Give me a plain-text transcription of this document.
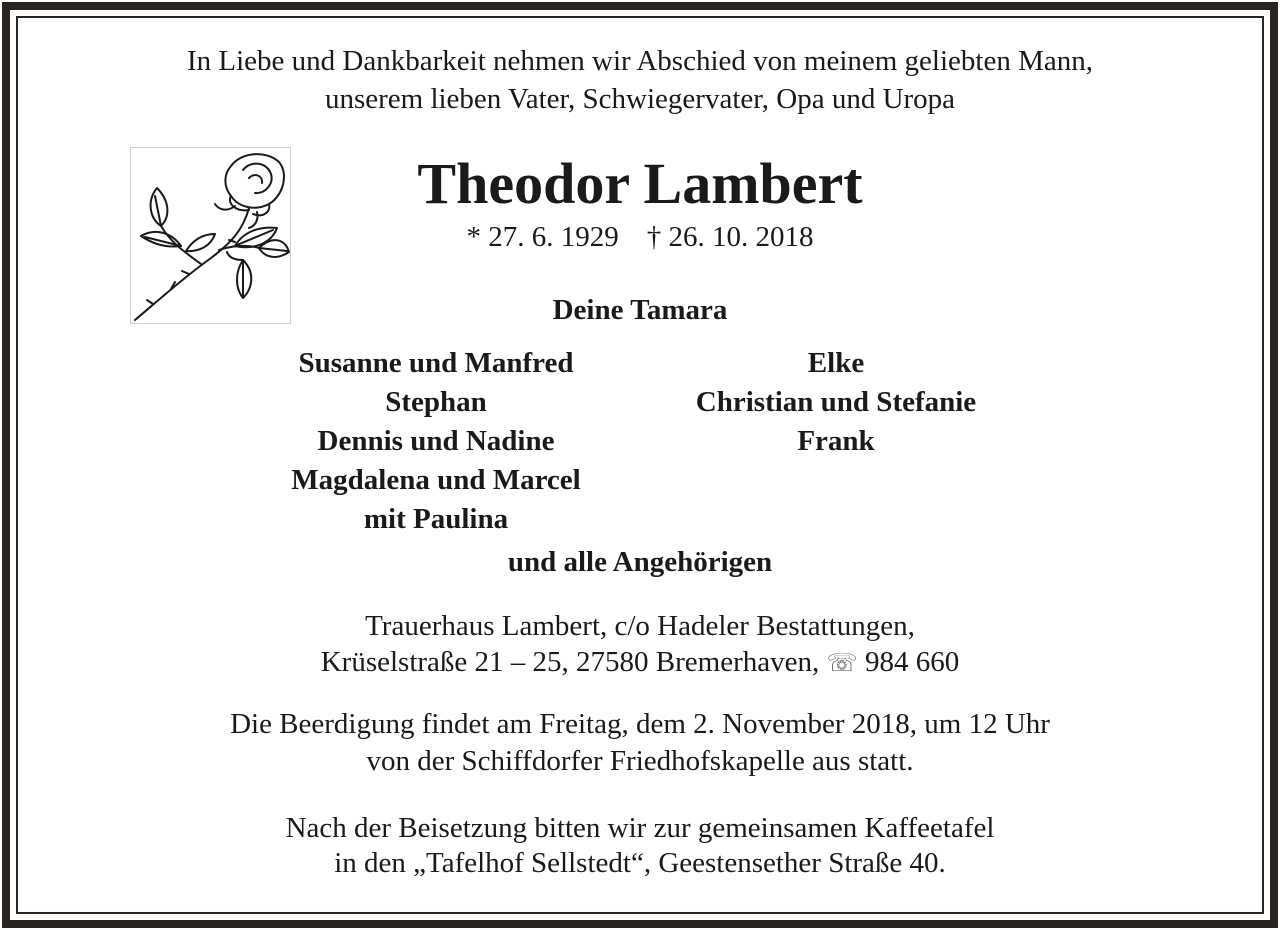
In Liebe und Dankbarkeit nehmen wir Abschied von meinem geliebten Mann,
unserem lieben Vater, Schwiegervater, Opa und Uropa
Theodor Lambert
* 27. 6. 1929 † 26. 10. 2018
Deine Tamara
Susanne und Manfred
Stephan
Dennis und Nadine
Magdalena und Marcel
mit Paulina
Elke
Christian und Stefanie
Frank
und alle Angehörigen
Trauerhaus Lambert, c/o Hadeler Bestattungen,
Krüselstraße 21 – 25, 27580 Bremerhaven, ☏ 984 660
Die Beerdigung findet am Freitag, dem 2. November 2018, um 12 Uhr
von der Schiffdorfer Friedhofskapelle aus statt.
Nach der Beisetzung bitten wir zur gemeinsamen Kaffeetafel
in den „Tafelhof Sellstedt“, Geestensether Straße 40.
